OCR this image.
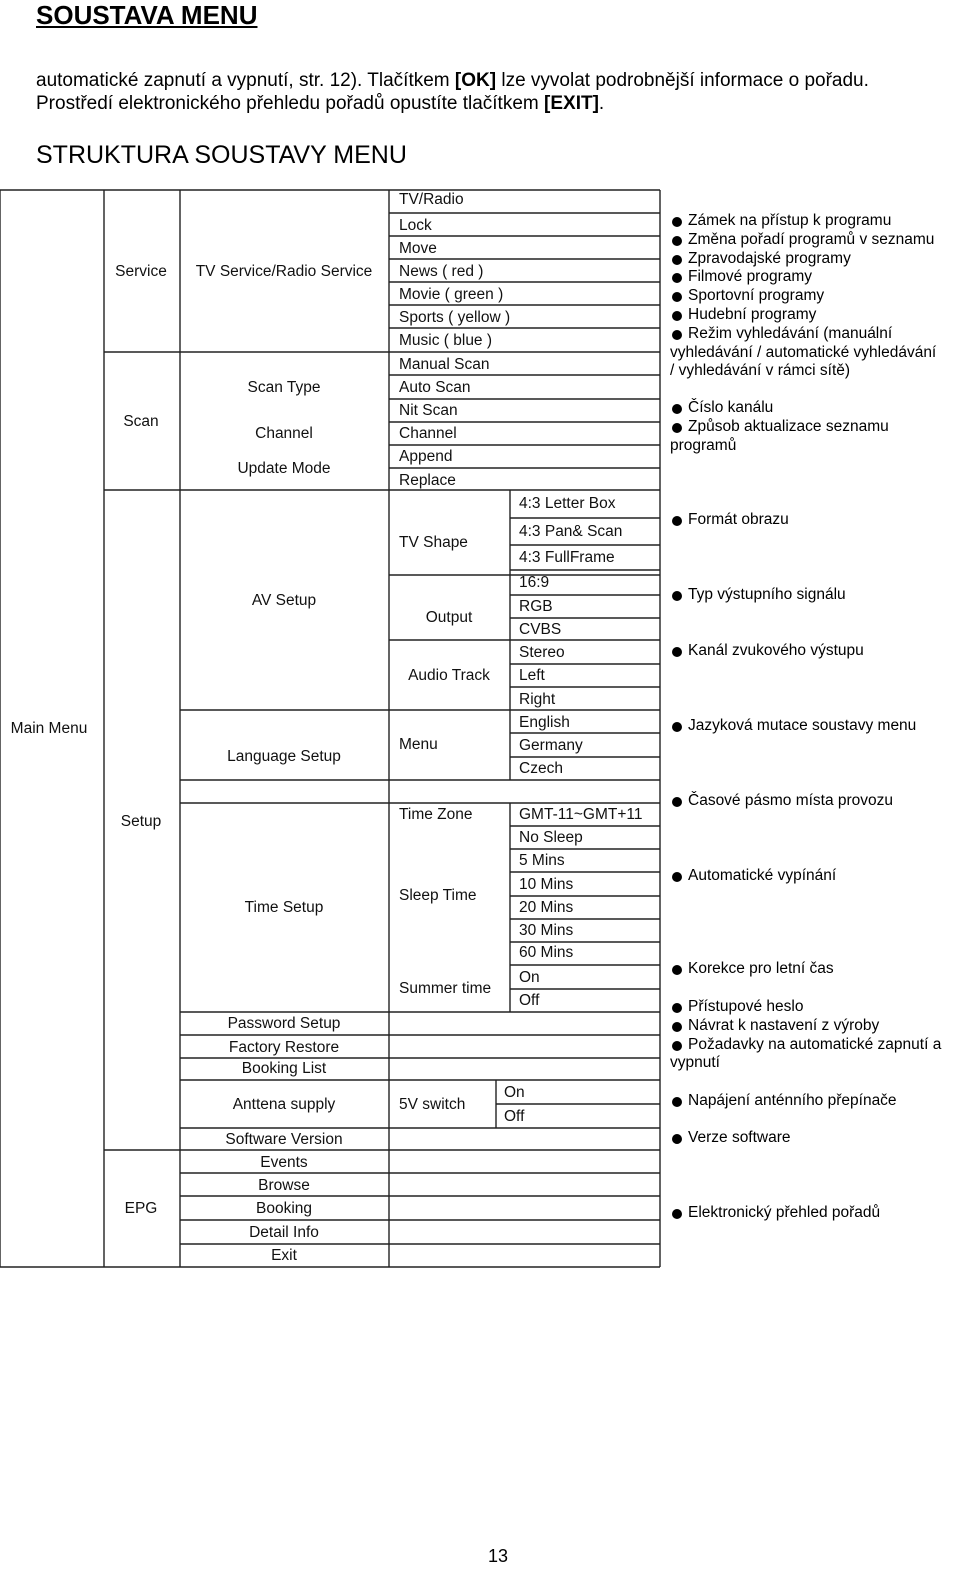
SOUSTAVA MENU
automatické zapnutí a vypnutí, str. 12). Tlačítkem [OK] lze vyvolat podrobnější informace o pořadu.
Prostředí elektronického přehledu pořadů opustíte tlačítkem [EXIT].
STRUKTURA SOUSTAVY MENU
Main Menu
Service
Scan
Setup
EPG
TV Service/Radio Service
Scan Type
Channel
Update Mode
AV Setup
Language Setup
Time Setup
Password Setup
Factory Restore
Booking List
Anttena supply
Software Version
Events
Browse
Booking
Detail Info
Exit
TV/Radio
Lock
Move
News ( red )
Movie ( green )
Sports ( yellow )
Music ( blue )
Manual Scan
Auto Scan
Nit Scan
Channel
Append
Replace
TV Shape
Output
Audio Track
Menu
Time Zone
Sleep Time
Summer time
5V switch
4:3 Letter Box
4:3 Pan& Scan
4:3 FullFrame
16:9
RGB
CVBS
Stereo
Left
Right
English
Germany
Czech
GMT-11~GMT+11
No Sleep
5 Mins
10 Mins
20 Mins
30 Mins
60 Mins
On
Off
On
Off
Zámek na přístup k programu
Změna pořadí programů v seznamu
Zpravodajské programy
Filmové programy
Sportovní programy
Hudební programy
Režim vyhledávání (manuální
vyhledávání / automatické vyhledávání
/ vyhledávání v rámci sítě)
Číslo kanálu
Způsob aktualizace seznamu
programů
Formát obrazu
Typ výstupního signálu
Kanál zvukového výstupu
Jazyková mutace soustavy menu
Časové pásmo místa provozu
Automatické vypínání
Korekce pro letní čas
Přístupové heslo
Návrat k nastavení z výroby
Požadavky na automatické zapnutí a
vypnutí
Napájení anténního přepínače
Verze software
Elektronický přehled pořadů
13
